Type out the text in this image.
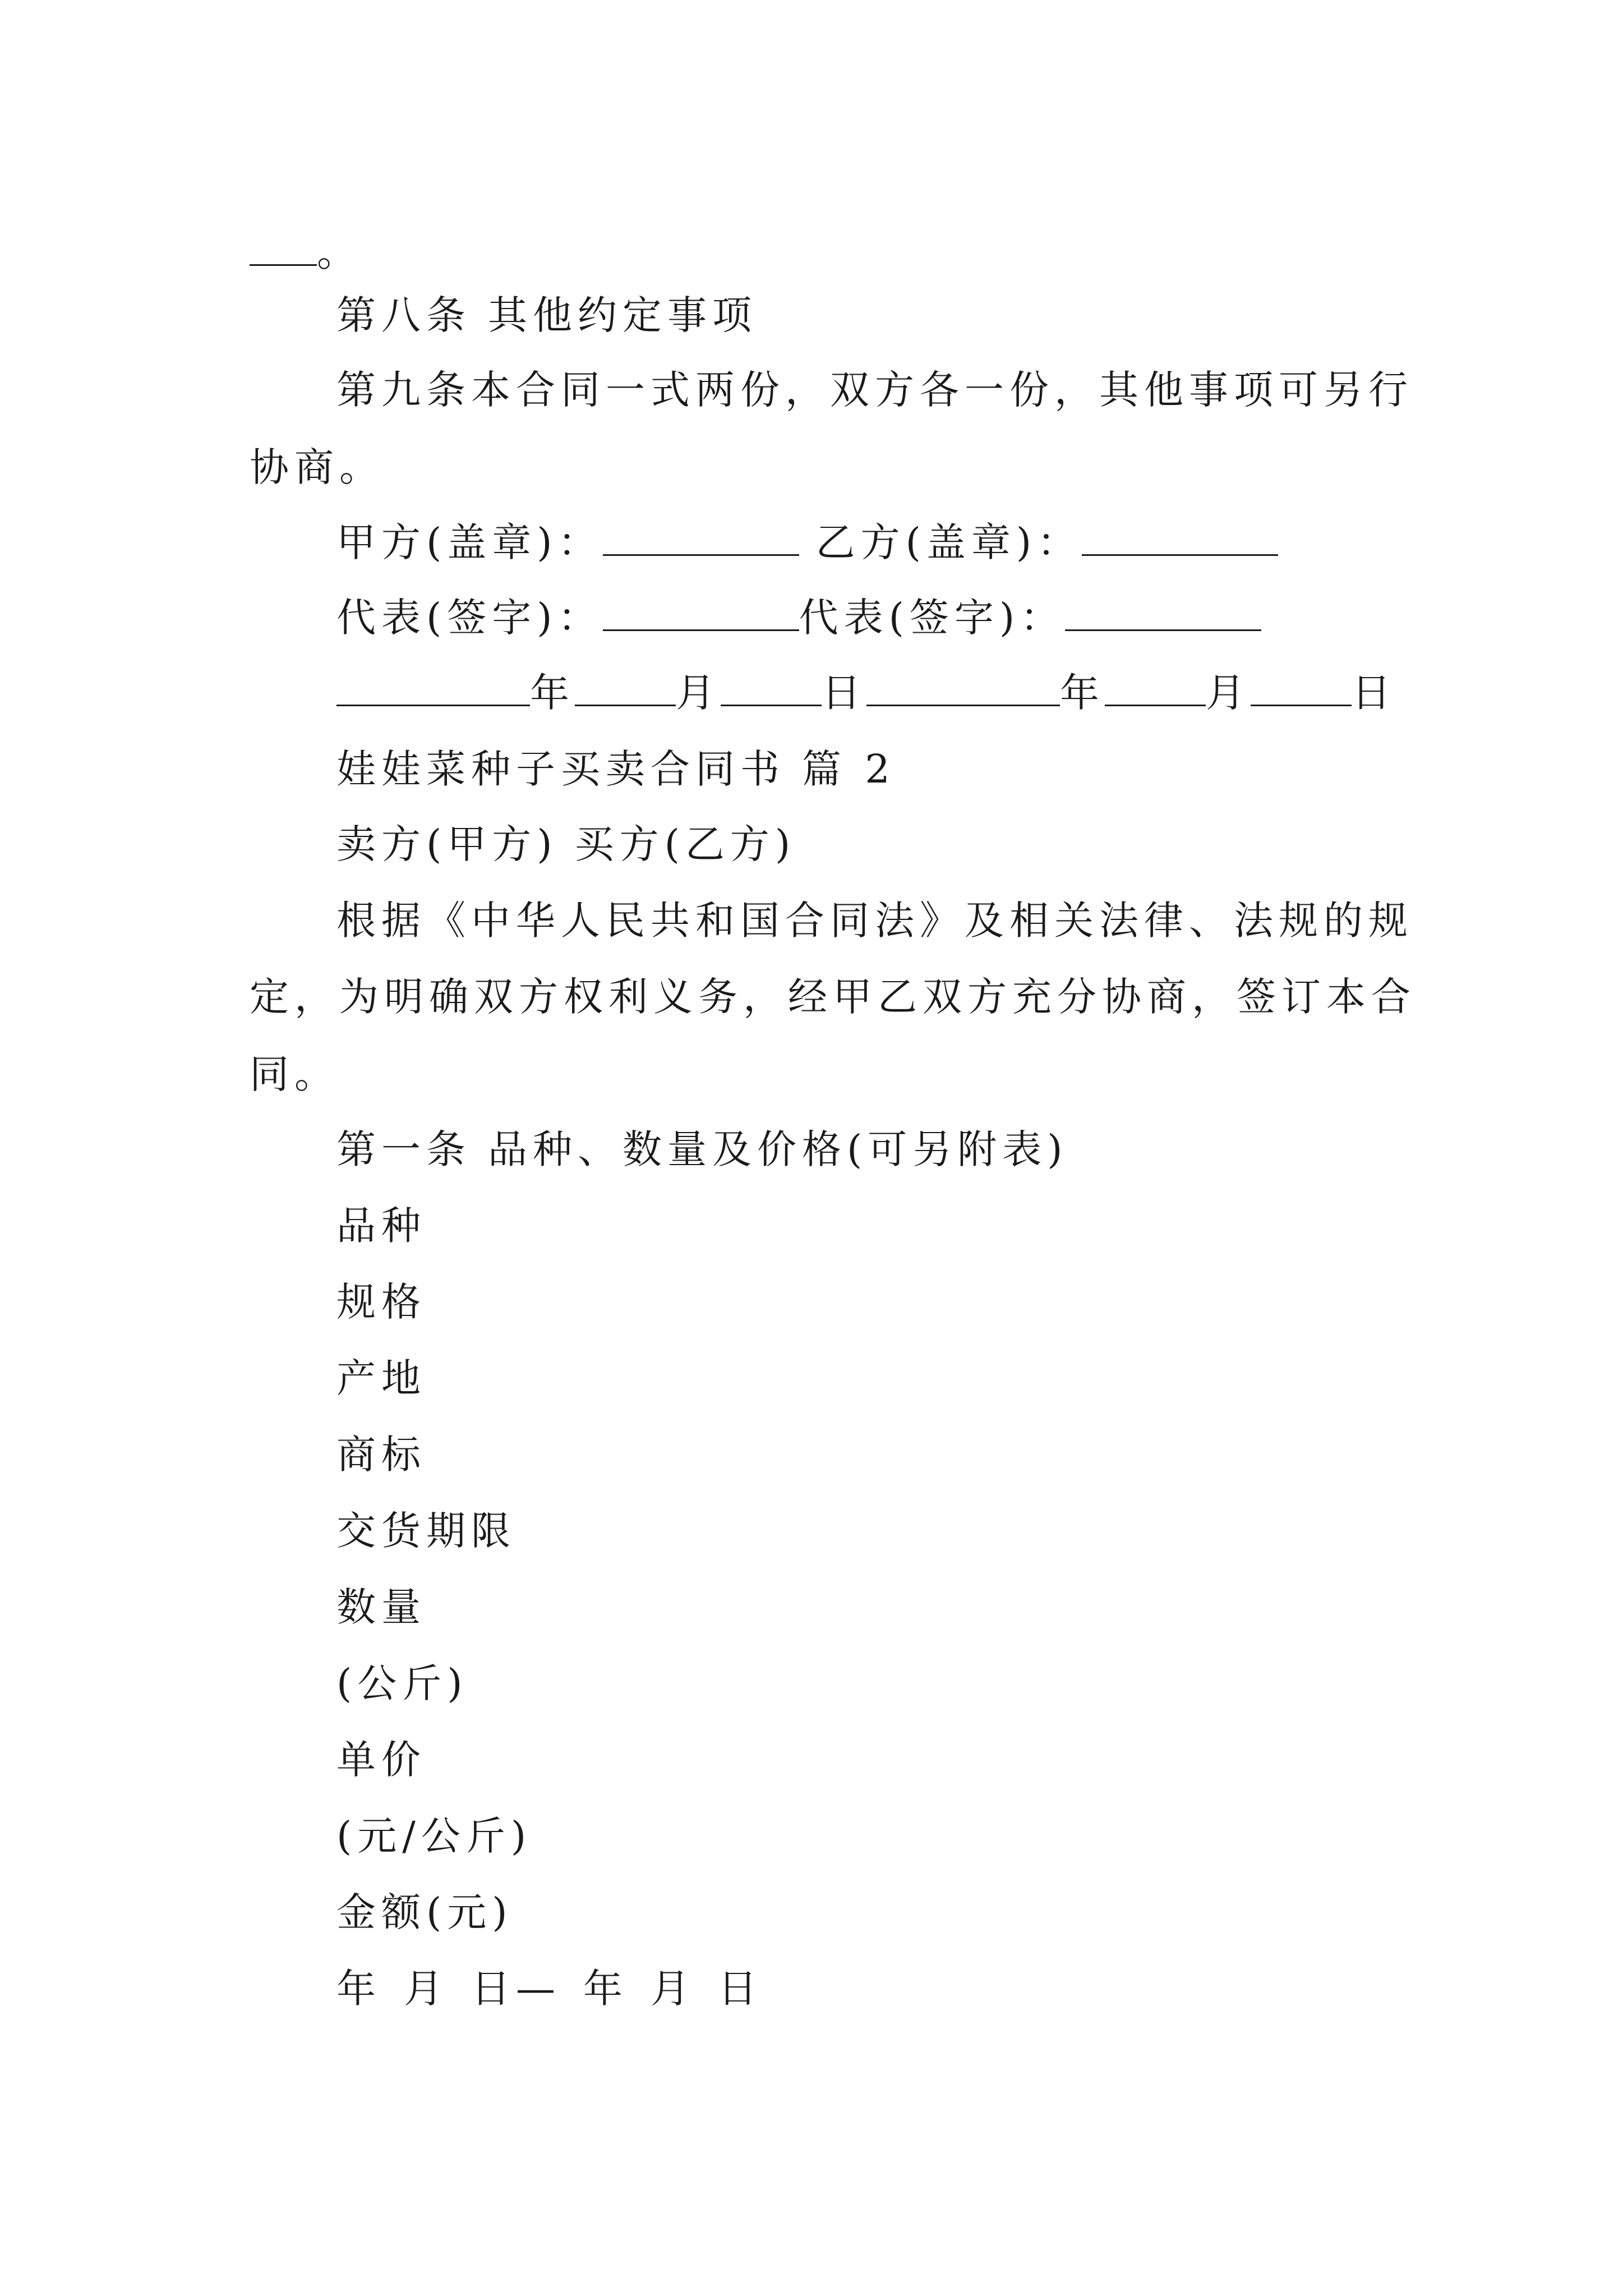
。
第八条 其他约定事项
第九条本合同一式两份，双方各一份，其他事项可另行
协商。
甲方(盖章)：	乙方(盖章)：
代表(签字)：	代表(签字)：
年	月	日	年	月	日
娃娃菜种子买卖合同书 篇 2
卖方(甲方) 买方(乙方)
根据《中华人民共和国合同法》及相关法律、法规的规
定，为明确双方权利义务，经甲乙双方充分协商，签订本合
同。
第一条 品种、数量及价格(可另附表)
品种
规格
产地
商标
交货期限
数量
(公斤)
单价
(元/公斤)
金额(元)
年 月 日— 年 月 日
